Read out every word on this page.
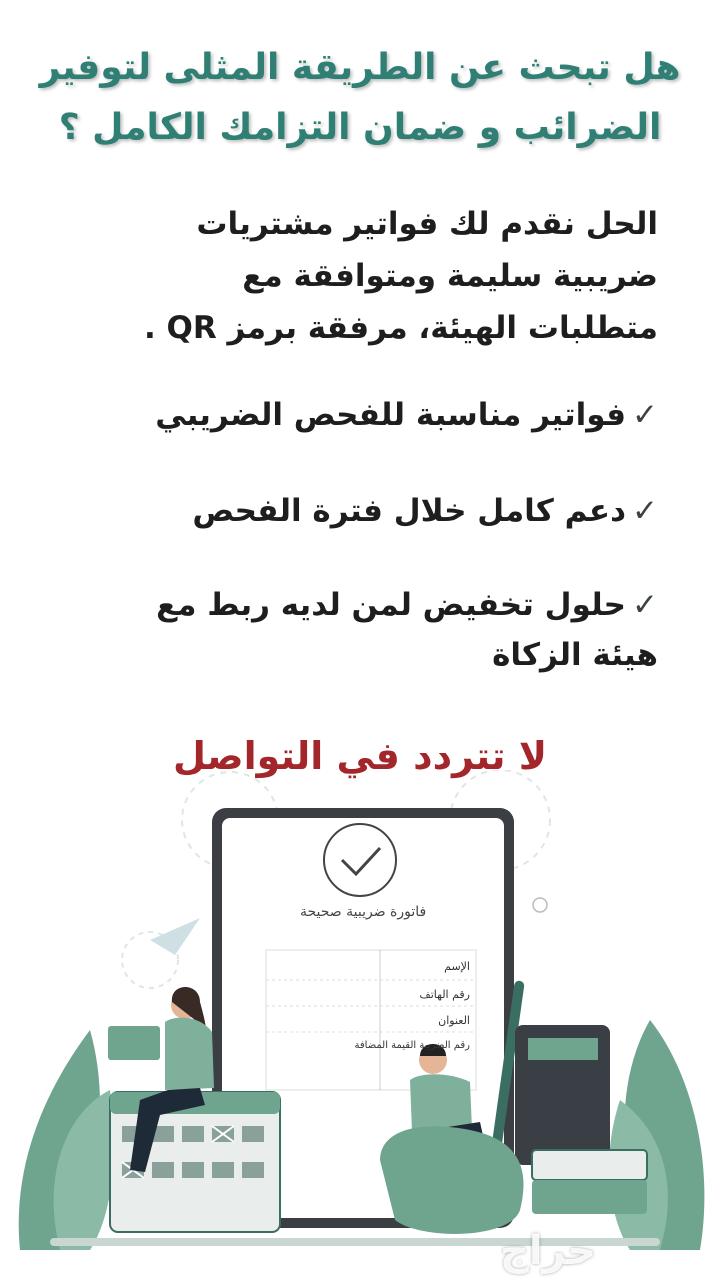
هل تبحث عن الطريقة المثلى لتوفير
الضرائب و ضمان التزامك الكامل ؟
الحل نقدم لك فواتير مشتريات
ضريبية سليمة ومتوافقة مع
متطلبات الهيئة، مرفقة برمز QR .
✓فواتير مناسبة للفحص الضريبي
✓دعم كامل خلال فترة الفحص
✓حلول تخفيض لمن لديه ربط مع
هيئة الزكاة
لا تتردد في التواصل
فاتورة ضريبية صحيحة
الإسم
رقم الهاتف
العنوان
رقم الضريبة القيمة المضافة
حراج
